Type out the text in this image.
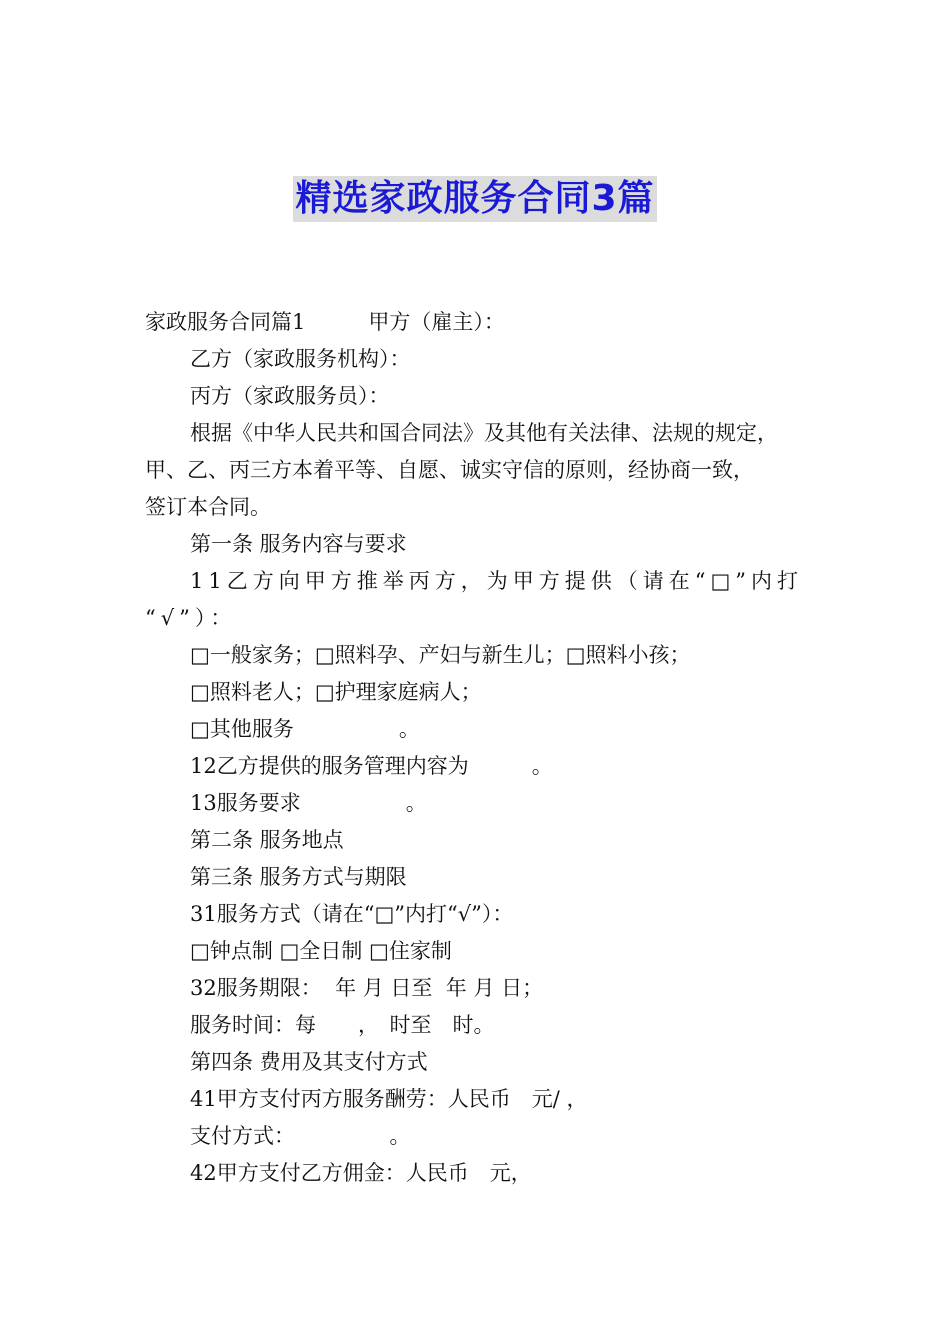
精选家政服务合同3篇
家政服务合同篇1　　　甲方（雇主）：
乙方（家政服务机构）：
丙方（家政服务员）：
根据《中华人民共和国合同法》及其他有关法律、法规的规定，
甲、乙、丙三方本着平等、自愿、诚实守信的原则，经协商一致，
签订本合同。
第一条 服务内容与要求
11乙方向甲方推举丙方，为甲方提供（请在“□”内打
“√”）：
□一般家务；□照料孕、产妇与新生儿；□照料小孩；
□照料老人；□护理家庭病人；
□其他服务　　　　　。
12乙方提供的服务管理内容为　　　。
13服务要求　　　　　。
第二条 服务地点
第三条 服务方式与期限
31服务方式（请在“□”内打“√”）：
□钟点制 □全日制 □住家制
32服务期限：  年 月 日至  年 月 日；
服务时间：每　　，　时至　时。
第四条 费用及其支付方式
41甲方支付丙方服务酬劳：人民币　元/ ，
支付方式：　　　　　。
42甲方支付乙方佣金：人民币　元，
